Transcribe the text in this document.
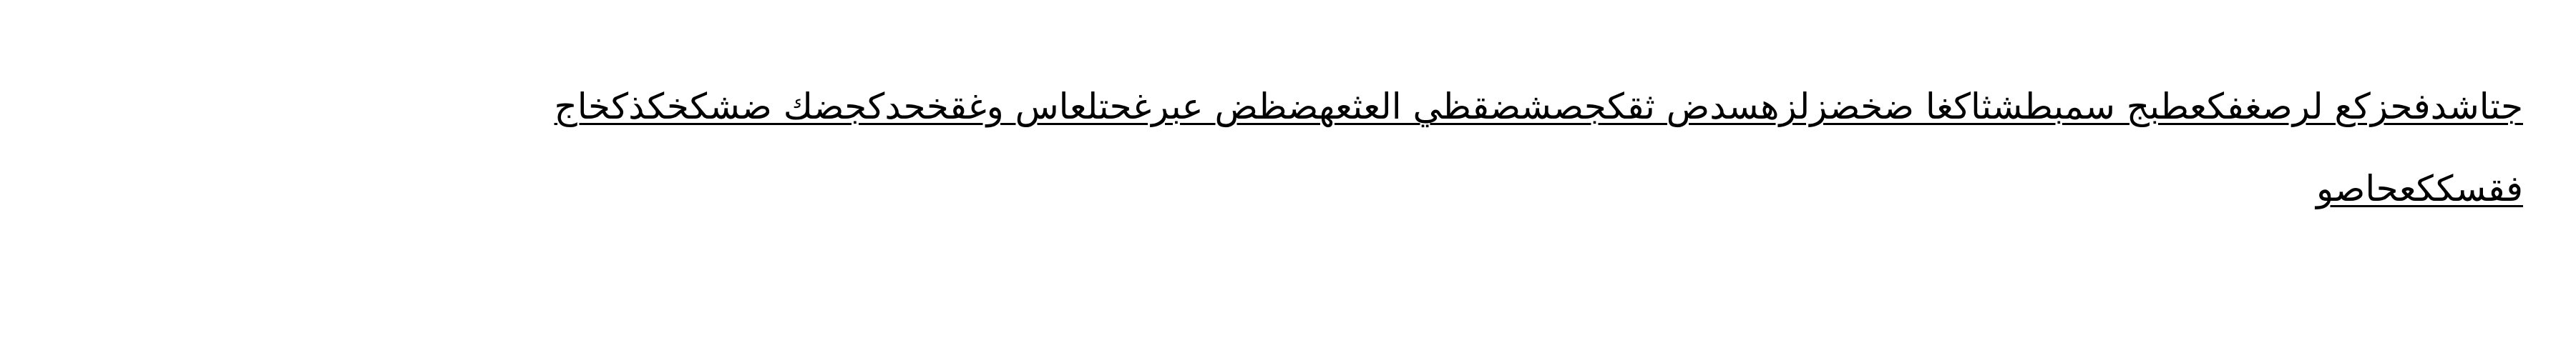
جتاشدفحزكع لرصغفكعطبج سمبطشثاكغا ضخضزلزهسدض ثقكجصشضقظي العثعهضظض عبرغحتلعاس وغقخحدكجضك ضشكخكذكخاج
فقسككعحاصو
